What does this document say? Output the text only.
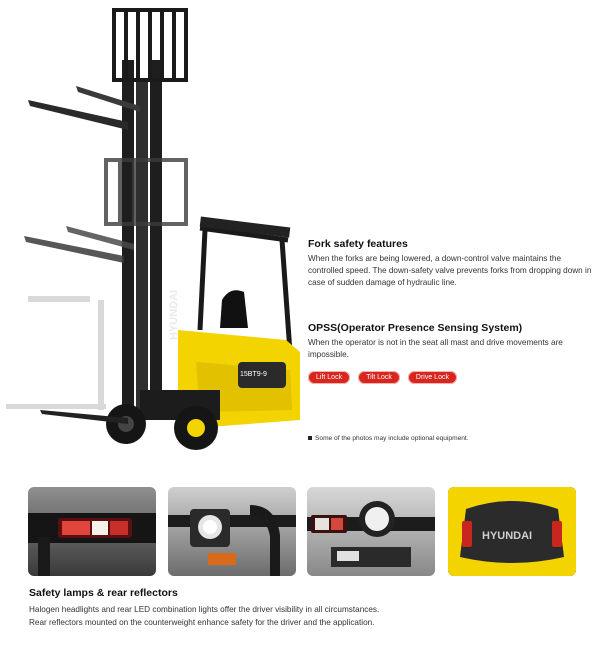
15BT9-9
HYUNDAI
Fork safety features

When the forks are being lowered, a down-control valve maintains the controlled speed. The down-safety valve prevents forks from dropping down in case of sudden damage of hydraulic line.

OPSS(Operator Presence Sensing System)

When the operator is not in the seat all mast and drive movements are impossible.

Lift Lock	Tilt Lock	Drive Lock
Some of the photos may include optional equipment.
HYUNDAI
Safety lamps & rear reflectors
Halogen headlights and rear LED combination lights offer the driver visibility in all circumstances.
Rear reflectors mounted on the counterweight enhance safety for the driver and the application.
